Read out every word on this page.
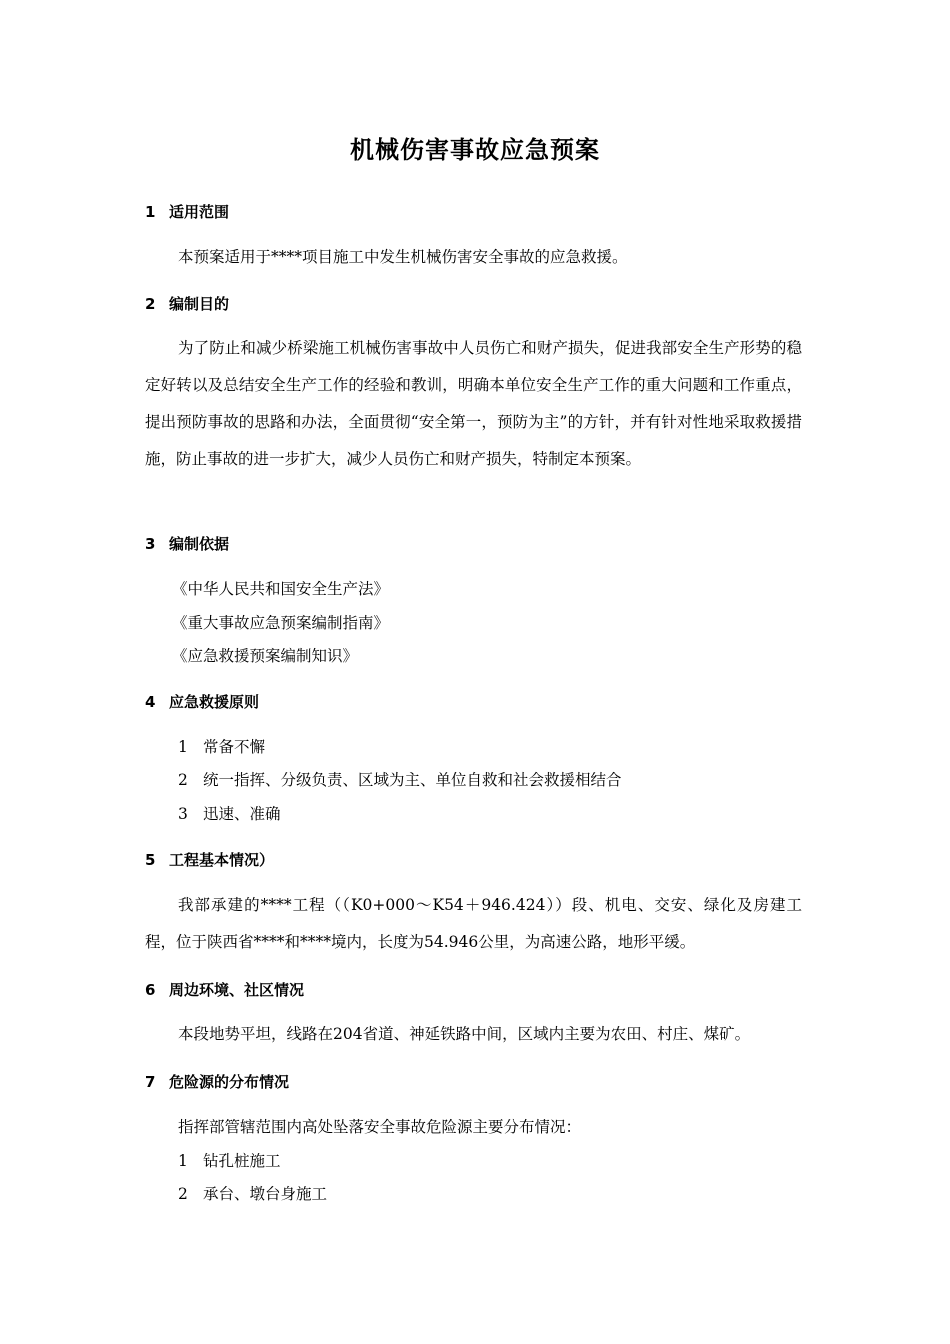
机械伤害事故应急预案
1 适用范围

本预案适用于****项目施工中发生机械伤害安全事故的应急救援。

2 编制目的

为了防止和减少桥梁施工机械伤害事故中人员伤亡和财产损失，促进我部安全生产形势的稳定好转以及总结安全生产工作的经验和教训，明确本单位安全生产工作的重大问题和工作重点，提出预防事故的思路和办法，全面贯彻“安全第一，预防为主”的方针，并有针对性地采取救援措施，防止事故的进一步扩大，减少人员伤亡和财产损失，特制定本预案。

3 编制依据
《中华人民共和国安全生产法》
《重大事故应急预案编制指南》
《应急救援预案编制知识》
4 应急救援原则
1 常备不懈
2 统一指挥、分级负责、区域为主、单位自救和社会救援相结合
3 迅速、准确
5 工程基本情况）

我部承建的****工程（（K0+000～K54＋946.424））段、机电、交安、绿化及房建工程，位于陕西省****和****境内，长度为54.946公里，为高速公路，地形平缓。

6 周边环境、社区情况

本段地势平坦，线路在204省道、神延铁路中间，区域内主要为农田、村庄、煤矿。

7 危险源的分布情况
指挥部管辖范围内高处坠落安全事故危险源主要分布情况：
1 钻孔桩施工
2 承台、墩台身施工
